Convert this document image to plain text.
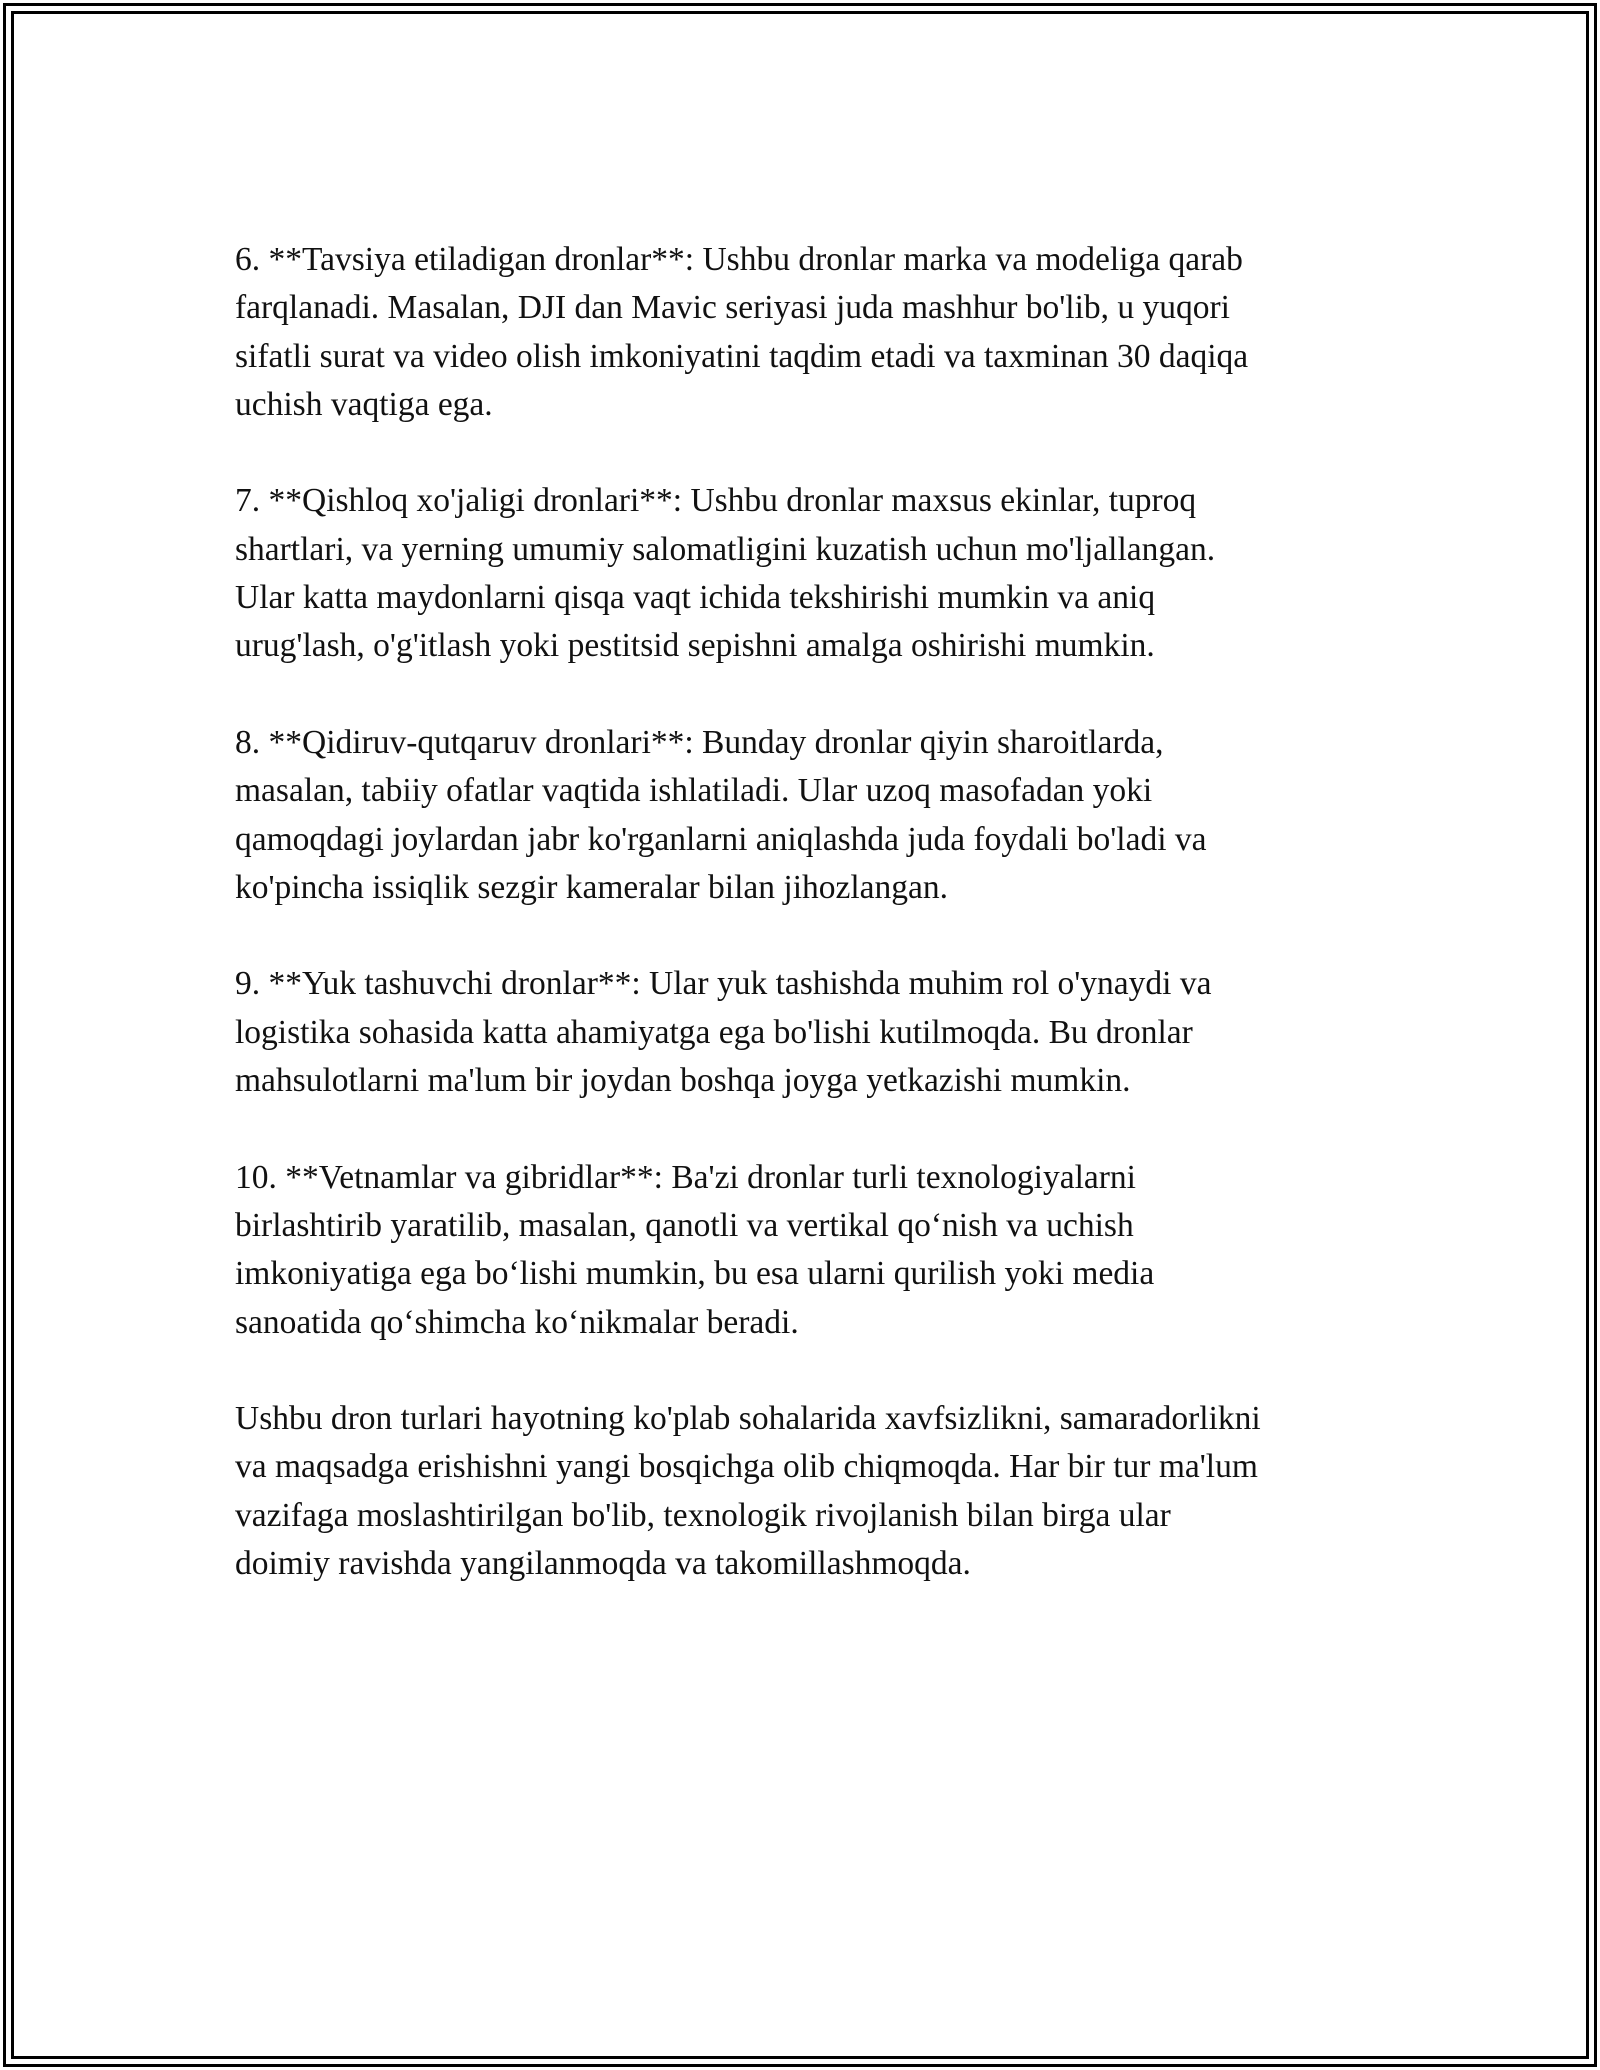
6. **Tavsiya etiladigan dronlar**: Ushbu dronlar marka va modeliga qarab
farqlanadi. Masalan, DJI dan Mavic seriyasi juda mashhur bo'lib, u yuqori
sifatli surat va video olish imkoniyatini taqdim etadi va taxminan 30 daqiqa
uchish vaqtiga ega.

7. **Qishloq xo'jaligi dronlari**: Ushbu dronlar maxsus ekinlar, tuproq
shartlari, va yerning umumiy salomatligini kuzatish uchun mo'ljallangan.
Ular katta maydonlarni qisqa vaqt ichida tekshirishi mumkin va aniq
urug'lash, o'g'itlash yoki pestitsid sepishni amalga oshirishi mumkin.

8. **Qidiruv-qutqaruv dronlari**: Bunday dronlar qiyin sharoitlarda,
masalan, tabiiy ofatlar vaqtida ishlatiladi. Ular uzoq masofadan yoki
qamoqdagi joylardan jabr ko'rganlarni aniqlashda juda foydali bo'ladi va
ko'pincha issiqlik sezgir kameralar bilan jihozlangan.

9. **Yuk tashuvchi dronlar**: Ular yuk tashishda muhim rol o'ynaydi va
logistika sohasida katta ahamiyatga ega bo'lishi kutilmoqda. Bu dronlar
mahsulotlarni ma'lum bir joydan boshqa joyga yetkazishi mumkin.

10. **Vetnamlar va gibridlar**: Ba'zi dronlar turli texnologiyalarni
birlashtirib yaratilib, masalan, qanotli va vertikal qo‘nish va uchish
imkoniyatiga ega bo‘lishi mumkin, bu esa ularni qurilish yoki media
sanoatida qo‘shimcha ko‘nikmalar beradi.

Ushbu dron turlari hayotning ko'plab sohalarida xavfsizlikni, samaradorlikni
va maqsadga erishishni yangi bosqichga olib chiqmoqda. Har bir tur ma'lum
vazifaga moslashtirilgan bo'lib, texnologik rivojlanish bilan birga ular
doimiy ravishda yangilanmoqda va takomillashmoqda.
